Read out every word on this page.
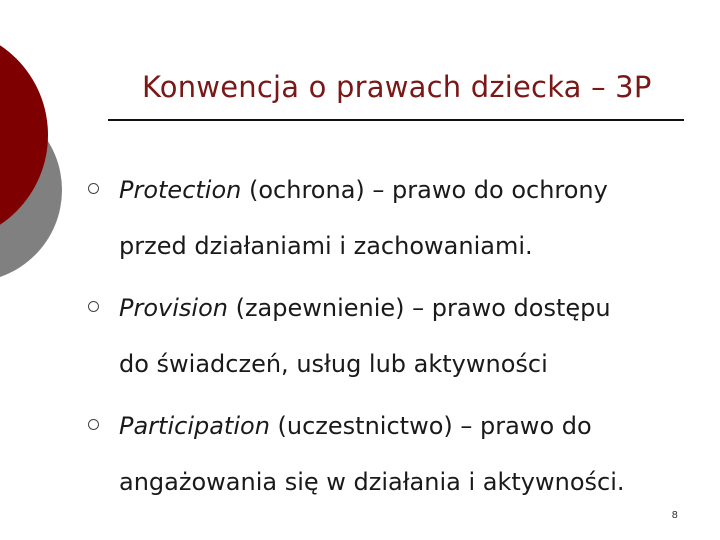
Konwencja o prawach dziecka – 3P
Protection (ochrona) – prawo do ochrony
przed działaniami i zachowaniami.
Provision (zapewnienie) – prawo dostępu
do świadczeń, usług lub aktywności
Participation (uczestnictwo) – prawo do
angażowania się w działania i aktywności.
8
